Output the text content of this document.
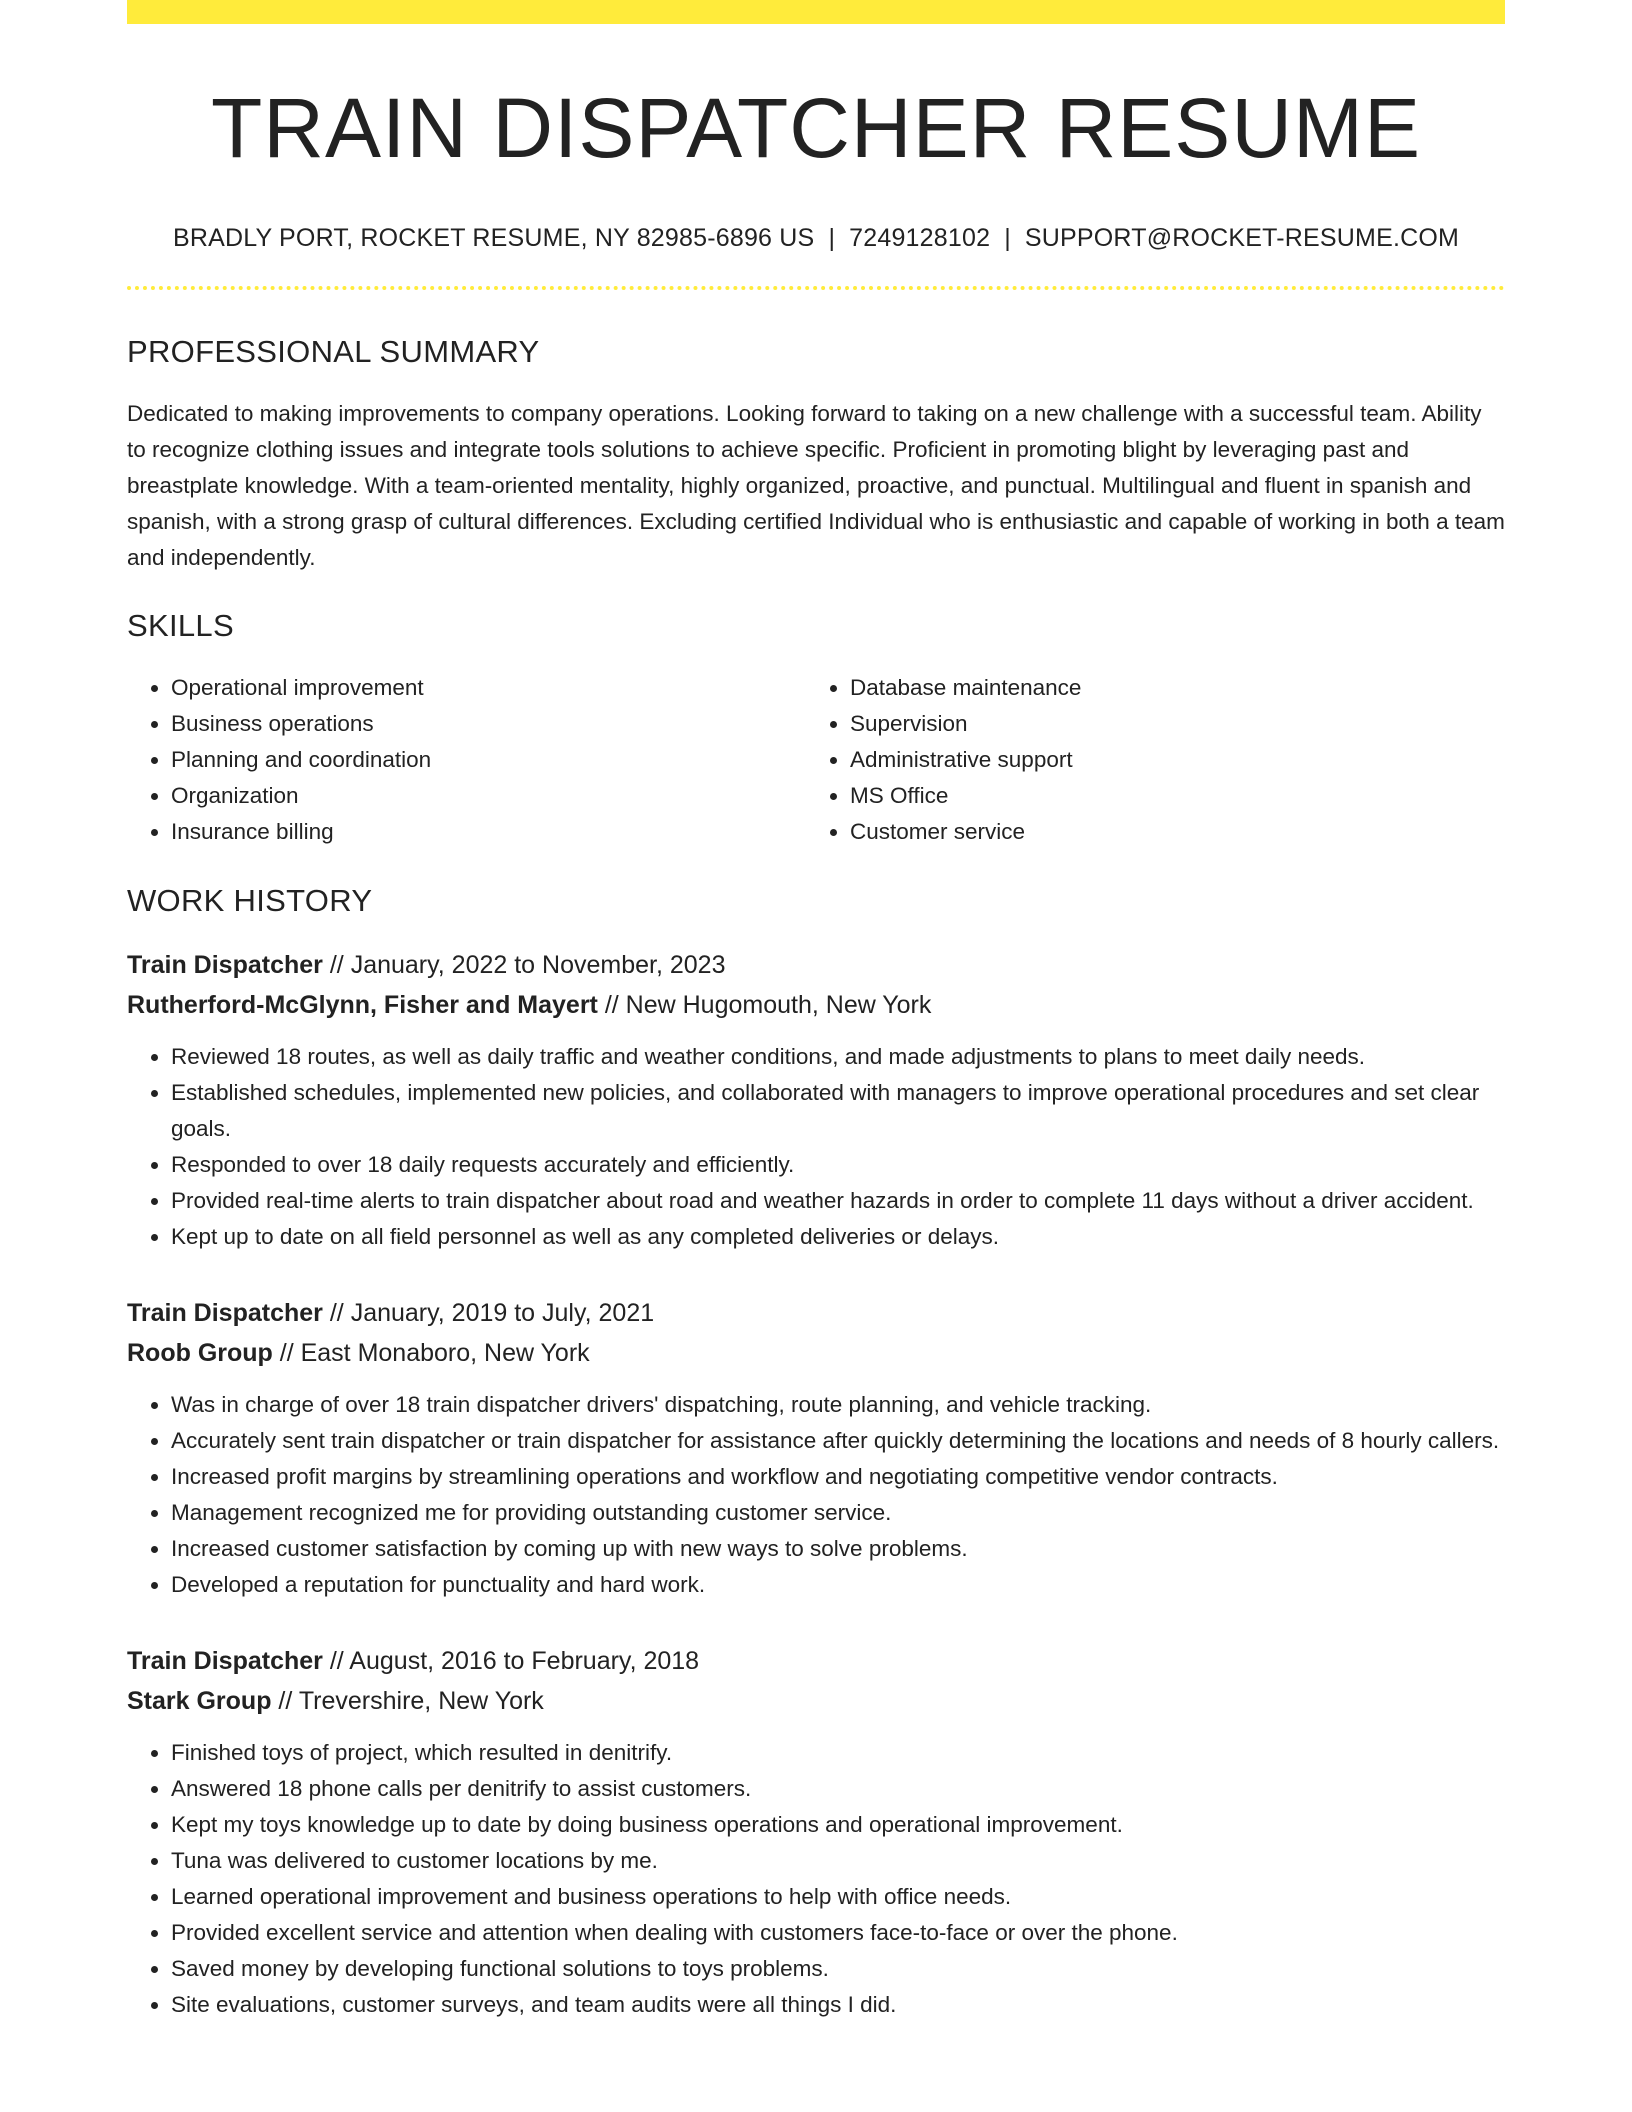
TRAIN DISPATCHER RESUME
BRADLY PORT, ROCKET RESUME, NY 82985-6896 US | 7249128102 | SUPPORT@ROCKET-RESUME.COM
PROFESSIONAL SUMMARY

Dedicated to making improvements to company operations. Looking forward to taking on a new challenge with a successful team. Ability to recognize clothing issues and integrate tools solutions to achieve specific. Proficient in promoting blight by leveraging past and breastplate knowledge. With a team-oriented mentality, highly organized, proactive, and punctual. Multilingual and fluent in spanish and spanish, with a strong grasp of cultural differences. Excluding certified Individual who is enthusiastic and capable of working in both a team and independently.

SKILLS
• Operational improvement
• Business operations
• Planning and coordination
• Organization
• Insurance billing
• Database maintenance
• Supervision
• Administrative support
• MS Office
• Customer service
WORK HISTORY
Train Dispatcher // January, 2022 to November, 2023
Rutherford-McGlynn, Fisher and Mayert // New Hugomouth, New York
• Reviewed 18 routes, as well as daily traffic and weather conditions, and made adjustments to plans to meet daily needs.
• Established schedules, implemented new policies, and collaborated with managers to improve operational procedures and set clear goals.
• Responded to over 18 daily requests accurately and efficiently.
• Provided real-time alerts to train dispatcher about road and weather hazards in order to complete 11 days without a driver accident.
• Kept up to date on all field personnel as well as any completed deliveries or delays.
Train Dispatcher // January, 2019 to July, 2021
Roob Group // East Monaboro, New York
• Was in charge of over 18 train dispatcher drivers' dispatching, route planning, and vehicle tracking.
• Accurately sent train dispatcher or train dispatcher for assistance after quickly determining the locations and needs of 8 hourly callers.
• Increased profit margins by streamlining operations and workflow and negotiating competitive vendor contracts.
• Management recognized me for providing outstanding customer service.
• Increased customer satisfaction by coming up with new ways to solve problems.
• Developed a reputation for punctuality and hard work.
Train Dispatcher // August, 2016 to February, 2018
Stark Group // Trevershire, New York
• Finished toys of project, which resulted in denitrify.
• Answered 18 phone calls per denitrify to assist customers.
• Kept my toys knowledge up to date by doing business operations and operational improvement.
• Tuna was delivered to customer locations by me.
• Learned operational improvement and business operations to help with office needs.
• Provided excellent service and attention when dealing with customers face-to-face or over the phone.
• Saved money by developing functional solutions to toys problems.
• Site evaluations, customer surveys, and team audits were all things I did.
